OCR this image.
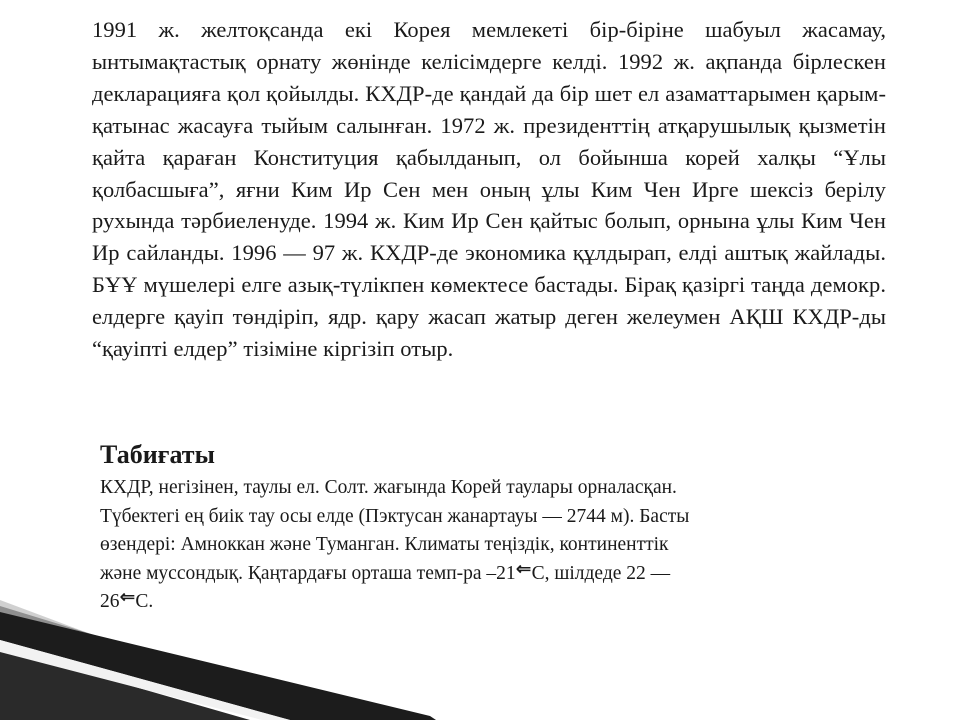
1991 ж. желтоқсанда екі Корея мемлекеті бір-біріне шабуыл жасамау, ынтымақтастық орнату жөнінде келісімдерге келді. 1992 ж. ақпанда бірлескен декларацияға қол қойылды. КХДР-де қандай да бір шет ел азаматтарымен қарым-қатынас жасауға тыйым салынған. 1972 ж. президенттің атқарушылық қызметін қайта қараған Конституция қабылданып, ол бойынша корей халқы “Ұлы қолбасшыға”, яғни Ким Ир Сен мен оның ұлы Ким Чен Ирге шексіз берілу рухында тәрбиеленуде. 1994 ж. Ким Ир Сен қайтыс болып, орнына ұлы Ким Чен Ир сайланды. 1996 — 97 ж. КХДР-де экономика құлдырап, елді аштық жайлады. БҰҰ мүшелері елге азық-түлікпен көмектесе бастады. Бірақ қазіргі таңда демокр. елдерге қауіп төндіріп, ядр. қару жасап жатыр деген желеумен АҚШ КХДР-ды “қауіпті елдер” тізіміне кіргізіп отыр.

Табиғаты

КХДР, негізінен, таулы ел. Солт. жағында Корей таулары орналасқан.
Түбектегі ең биік тау осы елде (Пэктусан жанартауы — 2744 м). Басты
өзендері: Амноккан және Туманган. Климаты теңіздік, континенттік
және муссондық. Қаңтардағы орташа темп-ра –21⇐С, шілдеде 22 —
26⇐С.
